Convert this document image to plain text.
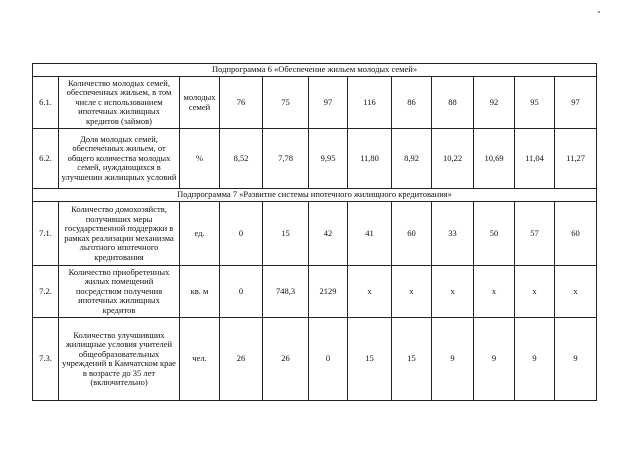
Подпрограмма 6 «Обеспечение жильем молодых семей»											
6.1.	Количество молодых семей, обеспеченных жильем, в том числе с использованием ипотечных жилищных кредитов (займов)	молодых семей	76	75	97	116	86	88	92	95	97
6.2.	Доля молодых семей, обеспеченных жильем, от общего количества молодых семей, нуждающихся в улучшении жилищных условий	%	8,52	7,78	9,95	11,80	8,92	10,22	10,69	11,04	11,27
Подпрограмма 7 «Развитие системы ипотечного жилищного кредитования»											
7.1.	Количество домохозяйств, получивших меры государственной поддержки в рамках реализации механизма льготного ипотечного кредитования	ед.	0	15	42	41	60	33	50	57	60
7.2.	Количество приобретенных жилых помещений посредством получения ипотечных жилищных кредитов	кв. м	0	748,3	2129	х	х	х	х	х	х
7.3.	Количество улучшивших жилищные условия учителей общеобразовательных учреждений в Камчатском крае в возрасте до 35 лет (включительно)	чел.	26	26	0	15	15	9	9	9	9
